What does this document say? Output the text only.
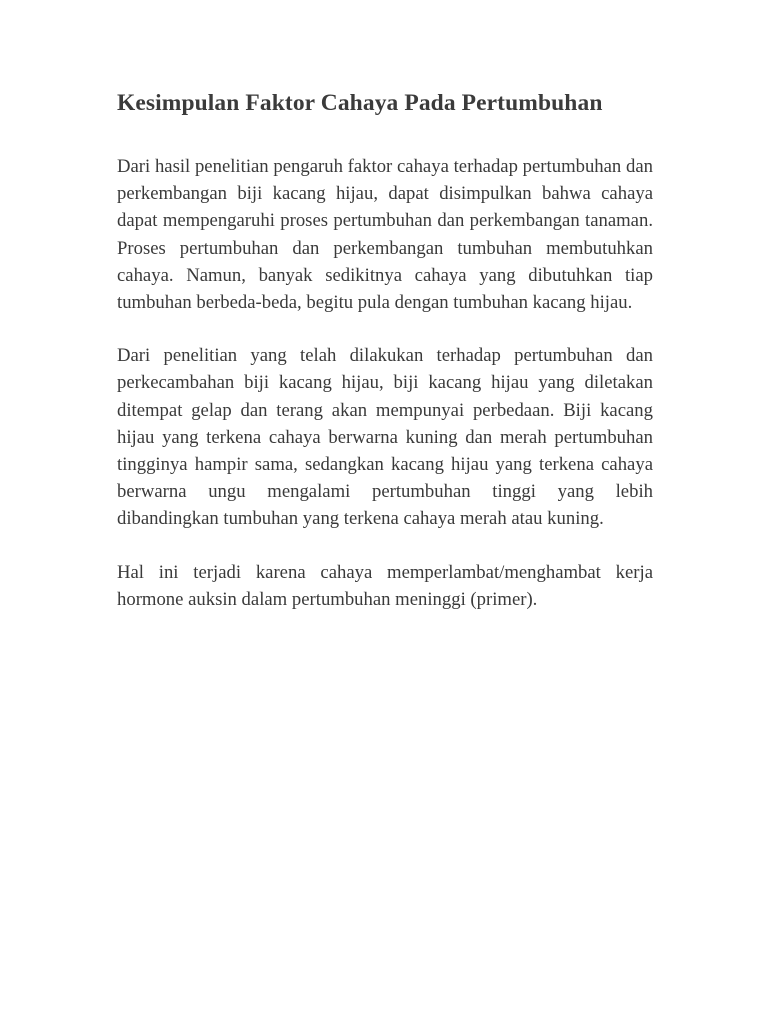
Kesimpulan Faktor Cahaya Pada Pertumbuhan

Dari hasil penelitian pengaruh faktor cahaya terhadap pertumbuhan dan perkembangan biji kacang hijau, dapat disimpulkan bahwa cahaya dapat mempengaruhi proses pertumbuhan dan perkembangan tanaman. Proses pertumbuhan dan perkembangan tumbuhan membutuhkan cahaya. Namun, banyak sedikitnya cahaya yang dibutuhkan tiap tumbuhan berbeda-beda, begitu pula dengan tumbuhan kacang hijau.

Dari penelitian yang telah dilakukan terhadap pertumbuhan dan perkecambahan biji kacang hijau, biji kacang hijau yang diletakan ditempat gelap dan terang akan mempunyai perbedaan. Biji kacang hijau yang terkena cahaya berwarna kuning dan merah pertumbuhan tingginya hampir sama, sedangkan kacang hijau yang terkena cahaya berwarna ungu mengalami pertumbuhan tinggi yang lebih dibandingkan tumbuhan yang terkena cahaya merah atau kuning.

Hal ini terjadi karena cahaya memperlambat/menghambat kerja hormone auksin dalam pertumbuhan meninggi (primer).
